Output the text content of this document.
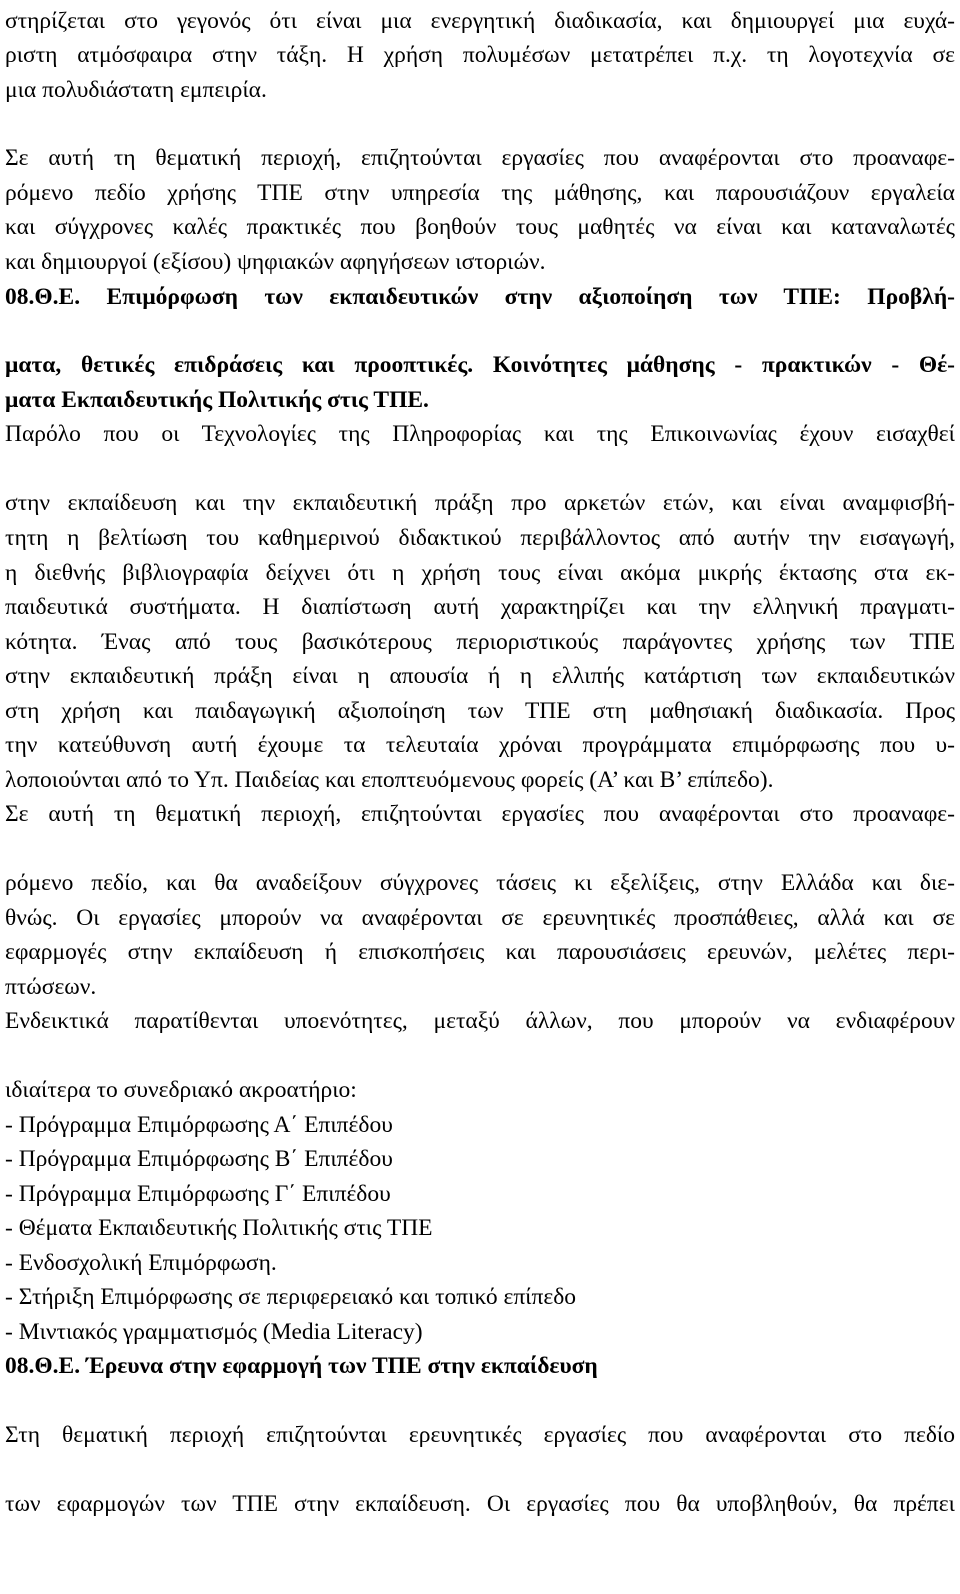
στηρίζεται στο γεγονός ότι είναι μια ενεργητική διαδικασία, και δημιουργεί μια ευχά-
ριστη ατμόσφαιρα στην τάξη. Η χρήση πολυμέσων μετατρέπει π.χ. τη λογοτεχνία σε
μια πολυδιάστατη εμπειρία.
Σε αυτή τη θεματική περιοχή, επιζητούνται εργασίες που αναφέρονται στο προαναφε-
ρόμενο πεδίο χρήσης ΤΠΕ στην υπηρεσία της μάθησης, και παρουσιάζουν εργαλεία
και σύγχρονες καλές πρακτικές που βοηθούν τους μαθητές να είναι και καταναλωτές
και δημιουργοί (εξίσου) ψηφιακών αφηγήσεων ιστοριών.
08.Θ.Ε. Επιμόρφωση των εκπαιδευτικών στην αξιοποίηση των ΤΠΕ: Προβλή-
ματα, θετικές επιδράσεις και προοπτικές. Κοινότητες μάθησης - πρακτικών - Θέ-
ματα Εκπαιδευτικής Πολιτικής στις ΤΠΕ.
Παρόλο που οι Τεχνολογίες της Πληροφορίας και της Επικοινωνίας έχουν εισαχθεί
στην εκπαίδευση και την εκπαιδευτική πράξη προ αρκετών ετών, και είναι αναμφισβή-
τητη η βελτίωση του καθημερινού διδακτικού περιβάλλοντος από αυτήν την εισαγωγή,
η διεθνής βιβλιογραφία δείχνει ότι η χρήση τους είναι ακόμα μικρής έκτασης στα εκ-
παιδευτικά συστήματα. Η διαπίστωση αυτή χαρακτηρίζει και την ελληνική πραγματι-
κότητα. Ένας από τους βασικότερους περιοριστικούς παράγοντες χρήσης των ΤΠΕ
στην εκπαιδευτική πράξη είναι η απουσία ή η ελλιπής κατάρτιση των εκπαιδευτικών
στη χρήση και παιδαγωγική αξιοποίηση των ΤΠΕ στη μαθησιακή διαδικασία. Προς
την κατεύθυνση αυτή έχουμε τα τελευταία χρόναι προγράμματα επιμόρφωσης που υ-
λοποιούνται από το Υπ. Παιδείας και εποπτευόμενους φορείς (Α’ και Β’ επίπεδο).
Σε αυτή τη θεματική περιοχή, επιζητούνται εργασίες που αναφέρονται στο προαναφε-
ρόμενο πεδίο, και θα αναδείξουν σύγχρονες τάσεις κι εξελίξεις, στην Ελλάδα και διε-
θνώς. Οι εργασίες μπορούν να αναφέρονται σε ερευνητικές προσπάθειες, αλλά και σε
εφαρμογές στην εκπαίδευση ή επισκοπήσεις και παρουσιάσεις ερευνών, μελέτες περι-
πτώσεων.
Ενδεικτικά παρατίθενται υποενότητες, μεταξύ άλλων, που μπορούν να ενδιαφέρουν
ιδιαίτερα το συνεδριακό ακροατήριο:
- Πρόγραμμα Επιμόρφωσης Α΄ Επιπέδου
- Πρόγραμμα Επιμόρφωσης Β΄ Επιπέδου
- Πρόγραμμα Επιμόρφωσης Γ΄ Επιπέδου
- Θέματα Εκπαιδευτικής Πολιτικής στις ΤΠΕ
- Ενδοσχολική Επιμόρφωση.
- Στήριξη Επιμόρφωσης σε περιφερειακό και τοπικό επίπεδο
- Μιντιακός γραμματισμός (Media Literacy)
08.Θ.Ε. Έρευνα στην εφαρμογή των ΤΠΕ στην εκπαίδευση
Στη θεματική περιοχή επιζητούνται ερευνητικές εργασίες που αναφέρονται στο πεδίο
των εφαρμογών των ΤΠΕ στην εκπαίδευση. Οι εργασίες που θα υποβληθούν, θα πρέπει
